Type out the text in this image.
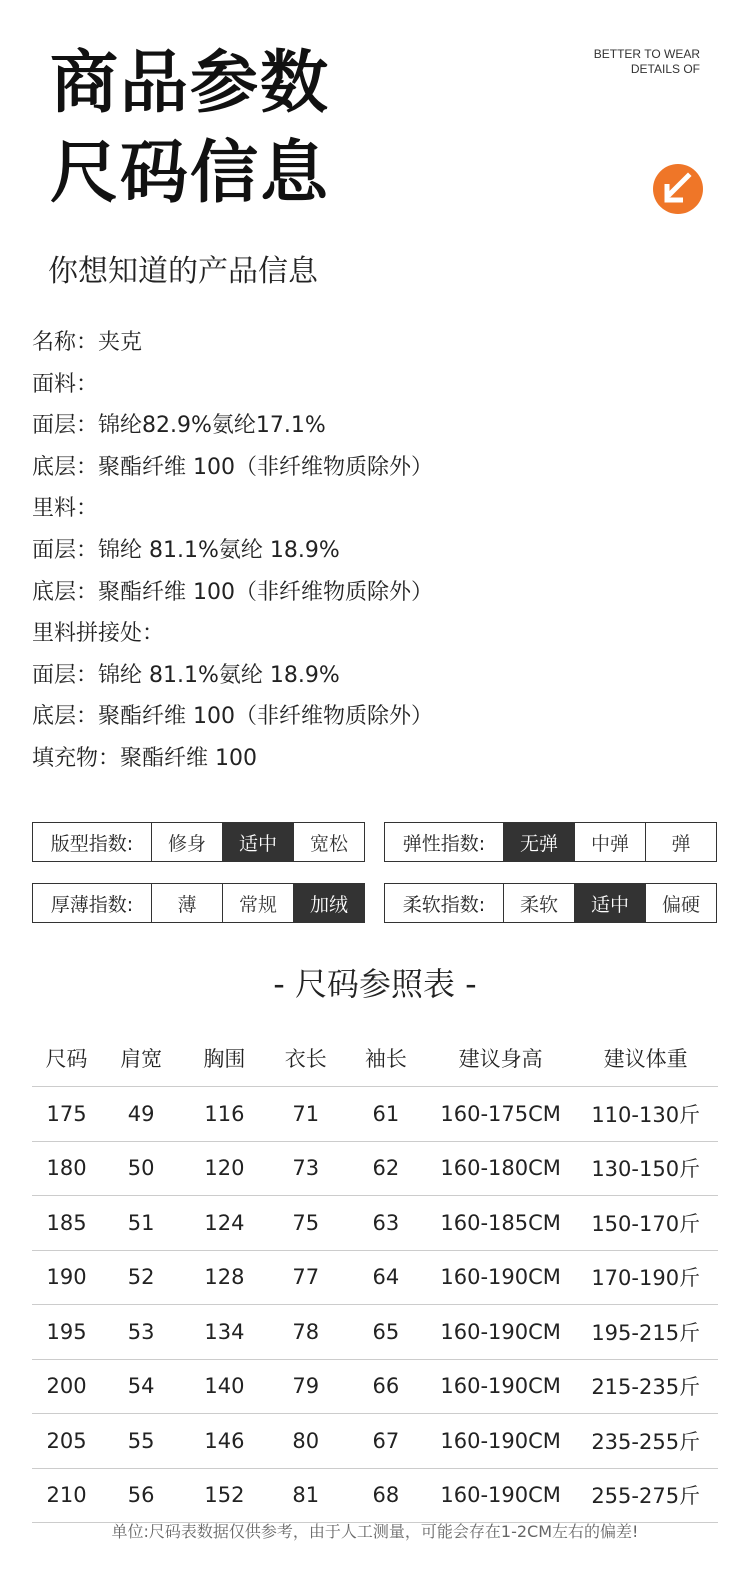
商品参数
尺码信息
BETTER TO WEAR
DETAILS OF
你想知道的产品信息
名称：夹克
面料：
面层：锦纶82.9%氨纶17.1%
底层：聚酯纤维 100（非纤维物质除外）
里料：
面层：锦纶 81.1%氨纶 18.9%
底层：聚酯纤维 100（非纤维物质除外）
里料拼接处：
面层：锦纶 81.1%氨纶 18.9%
底层：聚酯纤维 100（非纤维物质除外）
填充物：聚酯纤维 100
版型指数:	修身	适中	宽松	弹性指数:	无弹	中弹	弹
厚薄指数:	薄	常规	加绒	柔软指数:	柔软	适中	偏硬
- 尺码参照表 -
尺码	肩宽	胸围	衣长	袖长	建议身高	建议体重
175	49	116	71	61	160-175CM	110-130斤
180	50	120	73	62	160-180CM	130-150斤
185	51	124	75	63	160-185CM	150-170斤
190	52	128	77	64	160-190CM	170-190斤
195	53	134	78	65	160-190CM	195-215斤
200	54	140	79	66	160-190CM	215-235斤
205	55	146	80	67	160-190CM	235-255斤
210	56	152	81	68	160-190CM	255-275斤
单位:尺码表数据仅供参考，由于人工测量，可能会存在1-2CM左右的偏差!
